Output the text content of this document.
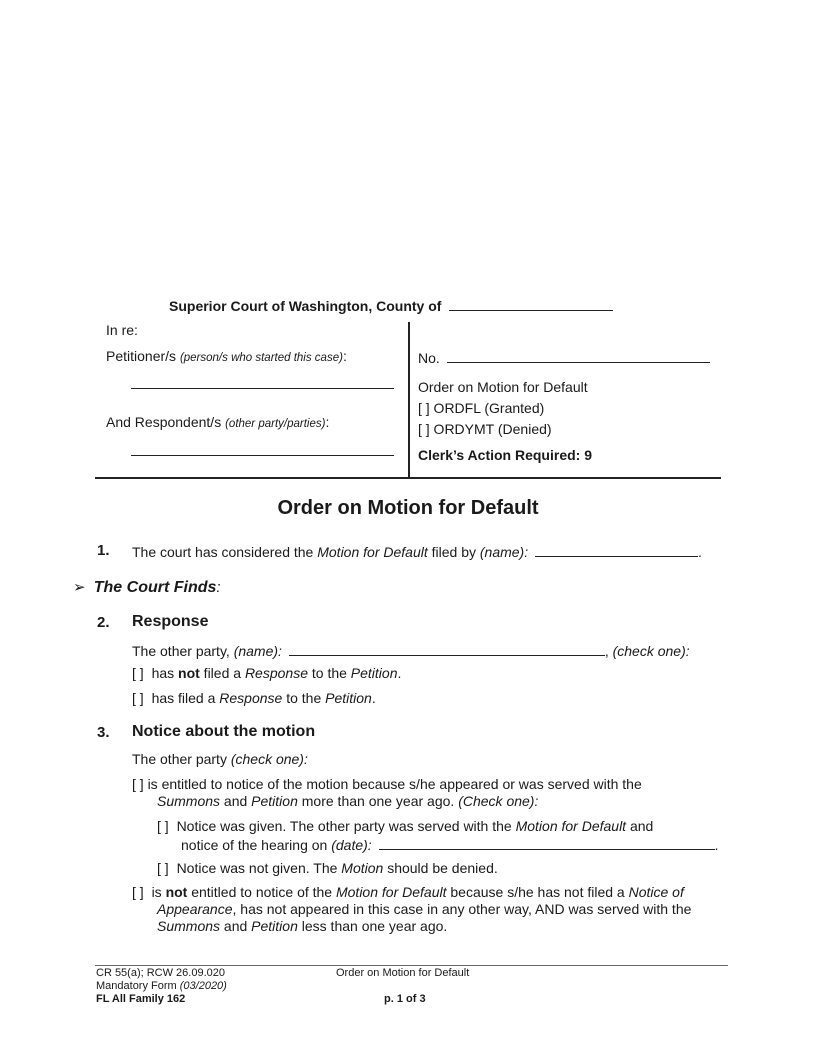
Superior Court of Washington, County of
In re:
Petitioner/s (person/s who started this case):
And Respondent/s (other party/parties):
No.
Order on Motion for Default
[ ] ORDFL (Granted)
[ ] ORDYMT (Denied)
Clerk’s Action Required: 9
Order on Motion for Default
1. The court has considered the Motion for Default filed by (name):	.
➢ The Court Finds:
2. Response
The other party, (name):	, (check one):
[ ] has not filed a Response to the Petition.
[ ] has filed a Response to the Petition.
3. Notice about the motion
The other party (check one):
[ ] is entitled to notice of the motion because s/he appeared or was served with the
Summons and Petition more than one year ago. (Check one):
[ ] Notice was given. The other party was served with the Motion for Default and
notice of the hearing on (date):	.
[ ] Notice was not given. The Motion should be denied.
[ ] is not entitled to notice of the Motion for Default because s/he has not filed a Notice of
Appearance, has not appeared in this case in any other way, AND was served with the
Summons and Petition less than one year ago.
CR 55(a); RCW 26.09.020
Mandatory Form (03/2020)
FL All Family 162
Order on Motion for Default
p. 1 of 3
